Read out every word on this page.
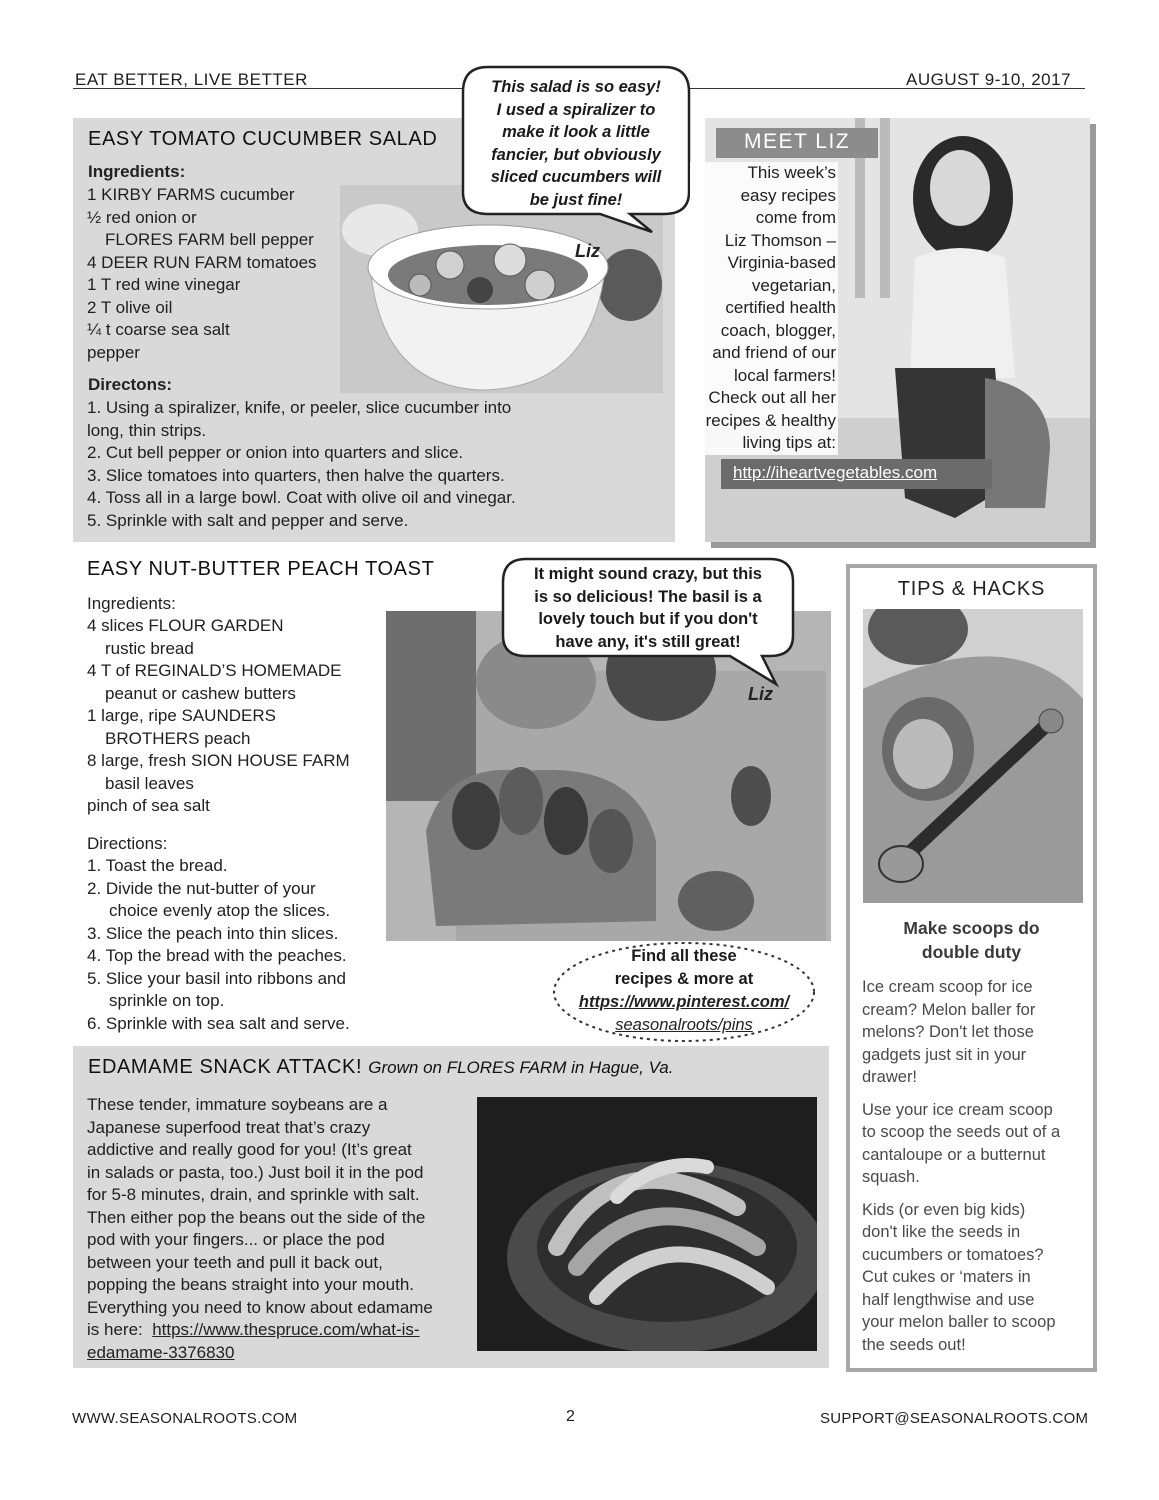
EAT BETTER, LIVE BETTER	AUGUST 9-10, 2017
EASY TOMATO CUCUMBER SALAD
Ingredients:

1 KIRBY FARMS cucumber

½ red onion or

FLORES FARM bell pepper

4 DEER RUN FARM tomatoes

1 T red wine vinegar

2 T olive oil

¼ t coarse sea salt

pepper

Directons:

1. Using a spiralizer, knife, or peeler, slice cucumber into

long, thin strips.

2. Cut bell pepper or onion into quarters and slice.

3. Slice tomatoes into quarters, then halve the quarters.

4. Toss all in a large bowl. Coat with olive oil and vinegar.

5. Sprinkle with salt and pepper and serve.

This salad is so easy!
I used a spiralizer to
make it look a little
fancier, but obviously
sliced cucumbers will
be just fine!
Liz
MEET LIZ
This week’s
easy recipes
come from
Liz Thomson –
Virginia-based
vegetarian,
certified health
coach, blogger,
and friend of our
local farmers!
Check out all her
recipes & healthy
living tips at:
http://iheartvegetables.com
EASY NUT-BUTTER PEACH TOAST
Ingredients:

4 slices FLOUR GARDEN

rustic bread

4 T of REGINALD’S HOMEMADE

peanut or cashew butters

1 large, ripe SAUNDERS

BROTHERS peach

8 large, fresh SION HOUSE FARM

basil leaves

pinch of sea salt

Directions:

1. Toast the bread.

2. Divide the nut-butter of your

choice evenly atop the slices.

3. Slice the peach into thin slices.

4. Top the bread with the peaches.

5. Slice your basil into ribbons and

sprinkle on top.

6. Sprinkle with sea salt and serve.

It might sound crazy, but this
is so delicious! The basil is a
lovely touch but if you don't
have any, it's still great!
Liz
Find all these
recipes & more at
https://www.pinterest.com/
seasonalroots/pins
TIPS & HACKS
Make scoops do
double duty
Ice cream scoop for ice
cream? Melon baller for
melons? Don't let those
gadgets just sit in your
drawer!
Use your ice cream scoop
to scoop the seeds out of a
cantaloupe or a butternut
squash.
Kids (or even big kids)
don't like the seeds in
cucumbers or tomatoes?
Cut cukes or ‘maters in
half lengthwise and use
your melon baller to scoop
the seeds out!
EDAMAME SNACK ATTACK! Grown on FLORES FARM in Hague, Va.

These tender, immature soybeans are a

Japanese superfood treat that’s crazy

addictive and really good for you! (It’s great

in salads or pasta, too.) Just boil it in the pod

for 5-8 minutes, drain, and sprinkle with salt.

Then either pop the beans out the side of the

pod with your fingers... or place the pod

between your teeth and pull it back out,

popping the beans straight into your mouth.

Everything you need to know about edamame

is here: https://www.thespruce.com/what-is-

edamame-3376830

WWW.SEASONALROOTS.COM	2	SUPPORT@SEASONALROOTS.COM
